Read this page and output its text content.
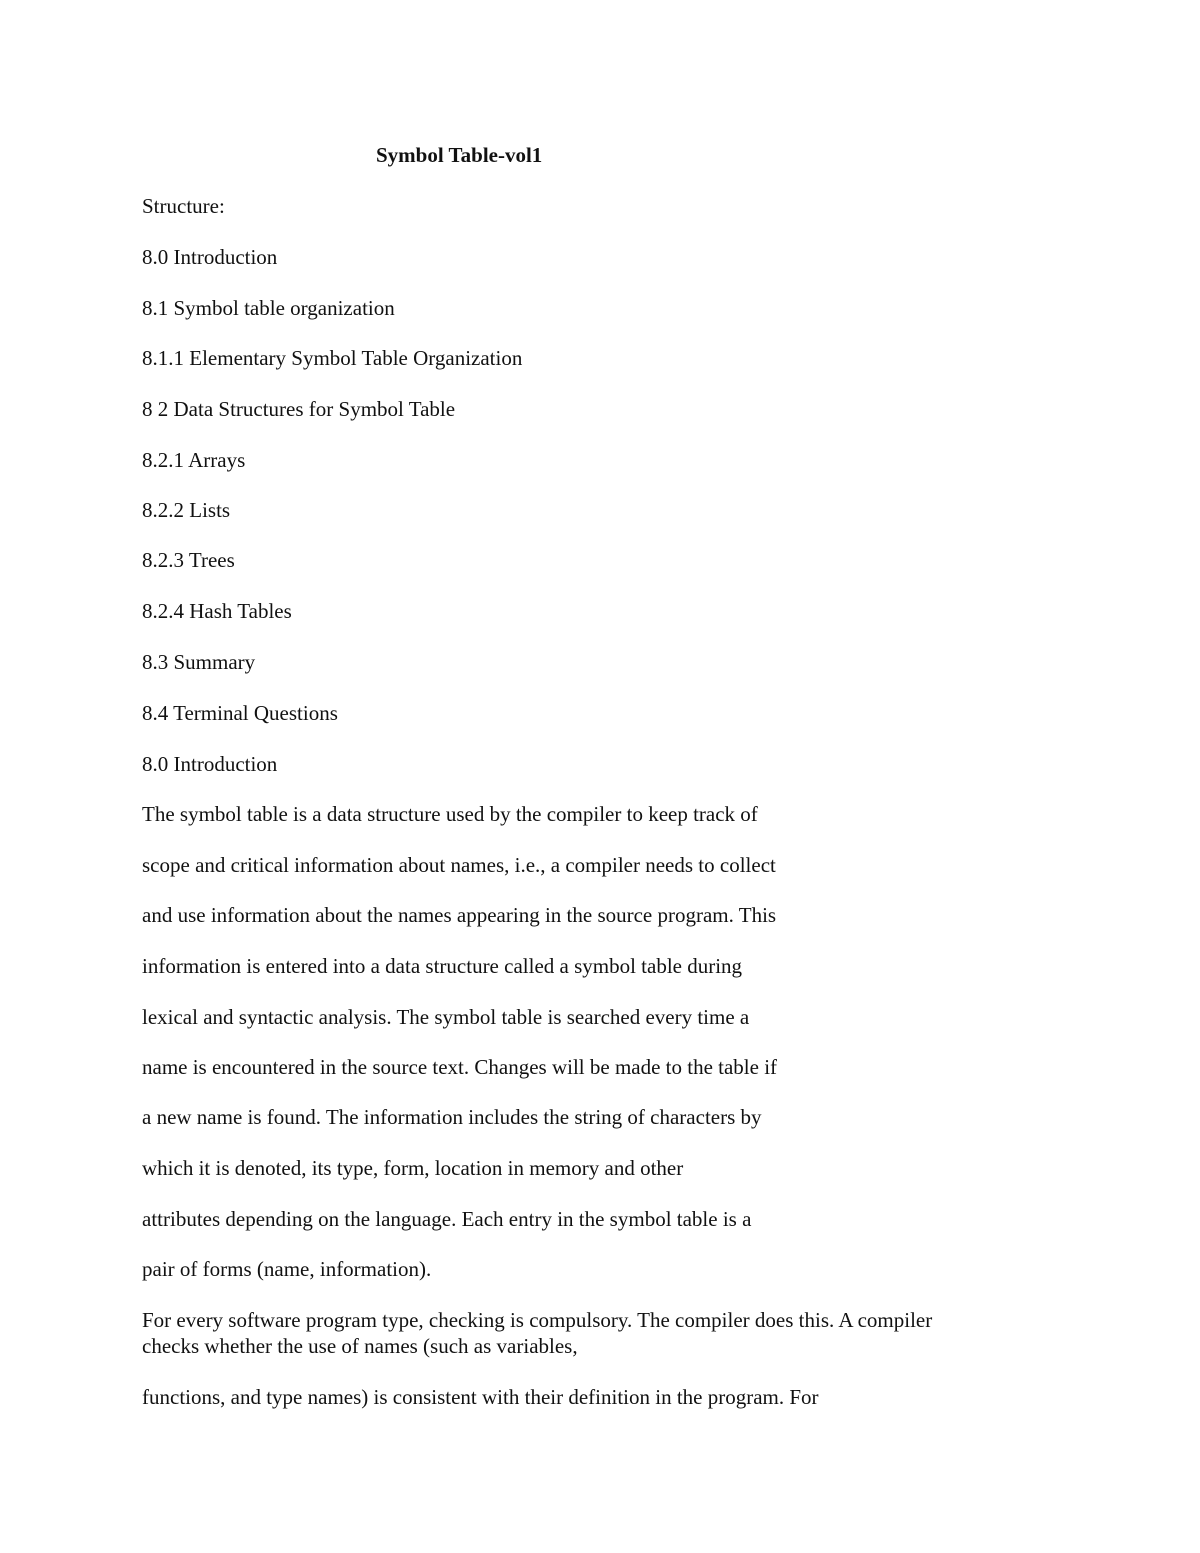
Symbol Table-vol1
Structure:
8.0 Introduction
8.1 Symbol table organization
8.1.1 Elementary Symbol Table Organization
8 2 Data Structures for Symbol Table
8.2.1 Arrays
8.2.2 Lists
8.2.3 Trees
8.2.4 Hash Tables
8.3 Summary
8.4 Terminal Questions
8.0 Introduction
The symbol table is a data structure used by the compiler to keep track of
scope and critical information about names, i.e., a compiler needs to collect
and use information about the names appearing in the source program. This
information is entered into a data structure called a symbol table during
lexical and syntactic analysis. The symbol table is searched every time a
name is encountered in the source text. Changes will be made to the table if
a new name is found. The information includes the string of characters by
which it is denoted, its type, form, location in memory and other
attributes depending on the language. Each entry in the symbol table is a
pair of forms (name, information).
For every software program type, checking is compulsory. The compiler does this. A compiler
checks whether the use of names (such as variables,
functions, and type names) is consistent with their definition in the program. For
